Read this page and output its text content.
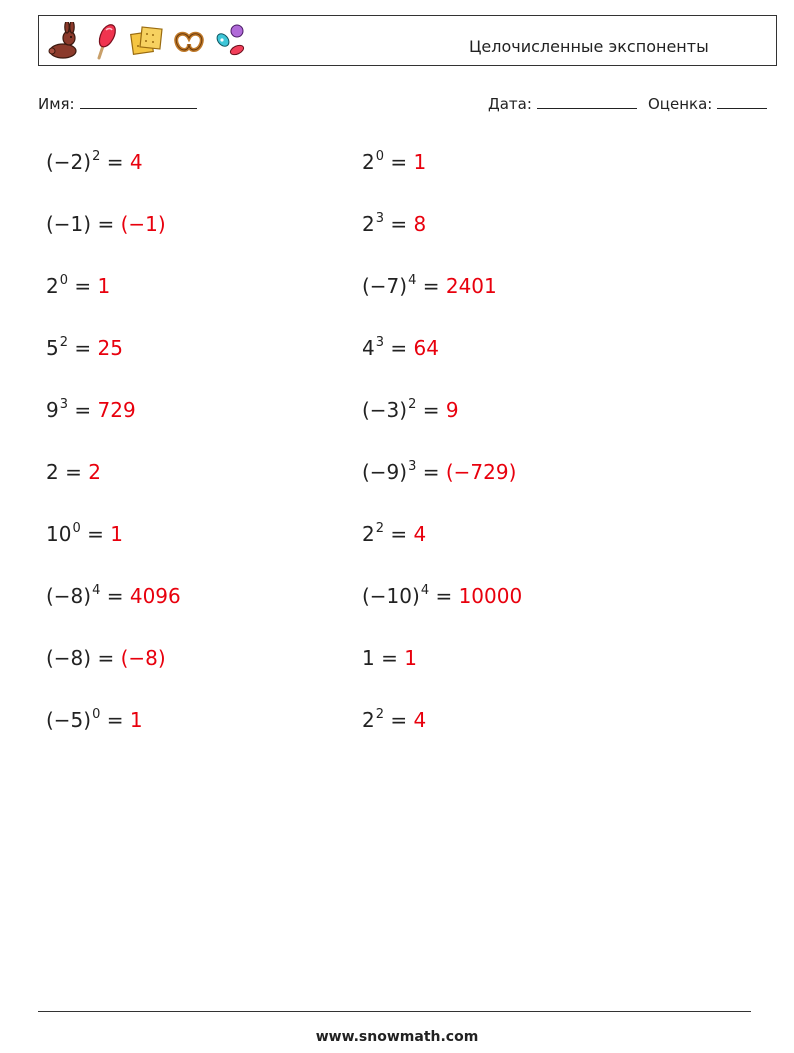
Целочисленные экспоненты
Имя:	Дата:	Оценка:
$(-2)^2 = 4$	$2^0 = 1$
(−1) = (−1)	$2^3 = 8$
$2^0 = 1$	$(-7)^4 = 2401$
$5^2 = 25$	$4^3 = 64$
$9^3 = 729$	$(-3)^2 = 9$
2 = 2	$(-9)^3 = (-729)$
$10^0 = 1$	$2^2 = 4$
$(-8)^4 = 4096$	$(-10)^4 = 10000$
(−8) = (−8)	1 = 1
$(-5)^0 = 1$	$2^2 = 4$
www.snowmath.com
